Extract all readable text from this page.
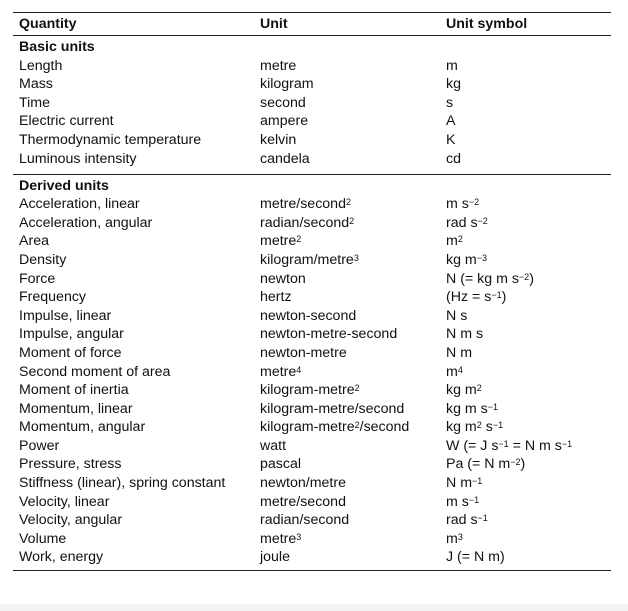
Quantity	Unit	Unit symbol
Basic units
Length	metre	m
Mass	kilogram	kg
Time	second	s
Electric current	ampere	A
Thermodynamic temperature	kelvin	K
Luminous intensity	candela	cd
Derived units
Acceleration, linear	metre/second$^2$	m $s^{-2}$
Acceleration, angular	radian/second$^2$	rad $s^{-2}$
Area	metre$^2$	$m^2$
Density	kilogram/metre$^3$	kg $m^{-3}$
Force	newton	N (= kg m $s^{-2}$)
Frequency	hertz	$(Hz = s^{-1})$
Impulse, linear	newton-second	N s
Impulse, angular	newton-metre-second	N m s
Moment of force	newton-metre	N m
Second moment of area	metre$^4$	$m^4$
Moment of inertia	kilogram-metre$^2$	kg $m^2$
Momentum, linear	kilogram-metre/second	kg m $s^{-1}$
Momentum, angular	kilogram-metre$^2$/second	kg $m^2$ $s^{-1}$
Power	watt	W (= J $s^{-1} = N$ m $s^{-1}$
Pressure, stress	pascal	Pa (= N $m^{-2}$)
Stiffness (linear), spring constant	newton/metre	N $m^{-1}$
Velocity, linear	metre/second	m $s^{-1}$
Velocity, angular	radian/second	rad $s^{-1}$
Volume	metre$^3$	$m^3$
Work, energy	joule	J (= N m)
